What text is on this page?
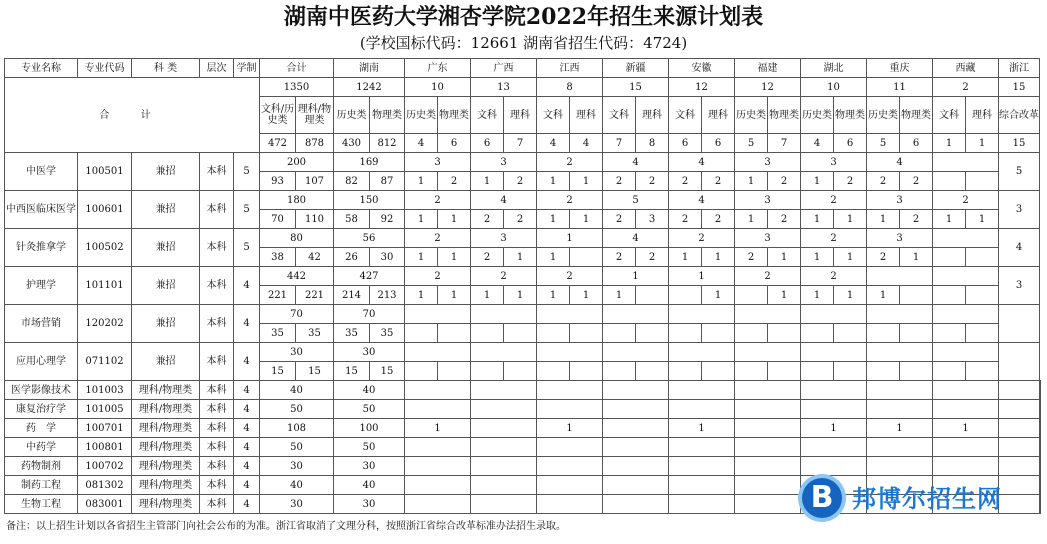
湖南中医药大学湘杏学院2022年招生来源计划表
(学校国标代码：12661 湖南省招生代码：4724)
专业名称	专业代码	科 类	层次	学制	合计		湖南		广东		广西		江西		新疆		安徽		福建		湖北		重庆		西藏		浙江	
合 计					1350		1242		10		13		8		15		12		12		10		11		2		15	
					文科/历史类	理科/物理类	历史类	物理类	历史类	物理类	文科	理科	文科	理科	文科	理科	文科	理科	历史类	物理类	历史类	物理类	历史类	物理类	文科	理科	综合改革	
					472	878	430	812	4	6	6	7	4	4	7	8	6	6	5	7	4	6	5	6	1	1	15	
中医学	100501	兼招	本科	5	200		169		3		3		2		4		4		3		3		4				5	
					93	107	82	87	1	2	1	2	1	1	2	2	2	2	1	2	1	2	2	2				
中西医临床医学	100601	兼招	本科	5	180		150		2		4		2		5		4		3		2		3		2		3	
					70	110	58	92	1	1	2	2	1	1	2	3	2	2	1	2	1	1	1	2	1	1		
针灸推拿学	100502	兼招	本科	5	80		56		2		3		1		4		2		3		2		3				4	
					38	42	26	30	1	1	2	1	1		2	2	1	1	2	1	1	1	2	1				
护理学	101101	兼招	本科	4	442		427		2		2		2		1		1		2		2						3	
					221	221	214	213	1	1	1	1	1	1	1			1		1	1	1	1					
市场营销	120202	兼招	本科	4	70		70																					
					35	35	35	35																				
应用心理学	071102	兼招	本科	4	30		30																					
					15	15	15	15																				
医学影像技术	101003	理科/物理类	本科	4	40		40																					
康复治疗学	101005	理科/物理类	本科	4	50		50																					
药　学	100701	理科/物理类	本科	4	108		100		1				1				1				1		1		1			
中药学	100801	理科/物理类	本科	4	50		50																					
药物制剂	100702	理科/物理类	本科	4	30		30																					
制药工程	081302	理科/物理类	本科	4	40		40																					
生物工程	083001	理科/物理类	本科	4	30		30																					
备注：以上招生计划以各省招生主管部门向社会公布的为准。浙江省取消了文理分科，按照浙江省综合改革标准办法招生录取。
B 邦博尔招生网
